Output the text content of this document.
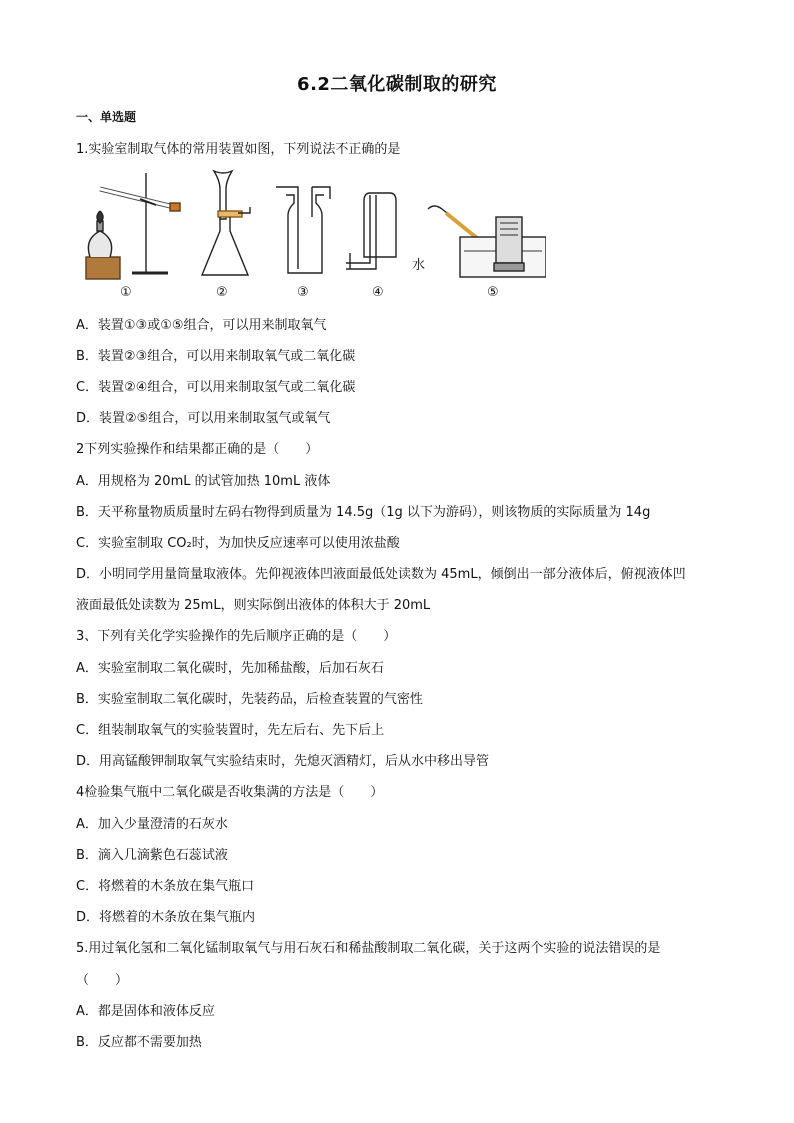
6.2二氧化碳制取的研究
一、单选题
1.实验室制取气体的常用装置如图，下列说法不正确的是
水
①	②	③	④	⑤
A．装置①③或①⑤组合，可以用来制取氧气
B．装置②③组合，可以用来制取氧气或二氧化碳
C．装置②④组合，可以用来制取氢气或二氧化碳
D．装置②⑤组合，可以用来制取氢气或氧气
2下列实验操作和结果都正确的是（　　）
A．用规格为 20mL 的试管加热 10mL 液体
B．天平称量物质质量时左码右物得到质量为 14.5g（1g 以下为游码），则该物质的实际质量为 14g
C．实验室制取 CO₂时，为加快反应速率可以使用浓盐酸
D．小明同学用量筒量取液体。先仰视液体凹液面最低处读数为 45mL，倾倒出一部分液体后，俯视液体凹
液面最低处读数为 25mL，则实际倒出液体的体积大于 20mL
3、下列有关化学实验操作的先后顺序正确的是（　　）
A．实验室制取二氧化碳时，先加稀盐酸，后加石灰石
B．实验室制取二氧化碳时，先装药品，后检查装置的气密性
C．组装制取氧气的实验装置时，先左后右、先下后上
D．用高锰酸钾制取氧气实验结束时，先熄灭酒精灯，后从水中移出导管
4检验集气瓶中二氧化碳是否收集满的方法是（　　）
A．加入少量澄清的石灰水
B．滴入几滴紫色石蕊试液
C．将燃着的木条放在集气瓶口
D．将燃着的木条放在集气瓶内
5.用过氧化氢和二氧化锰制取氧气与用石灰石和稀盐酸制取二氧化碳，关于这两个实验的说法错误的是
（　　）
A．都是固体和液体反应
B．反应都不需要加热
